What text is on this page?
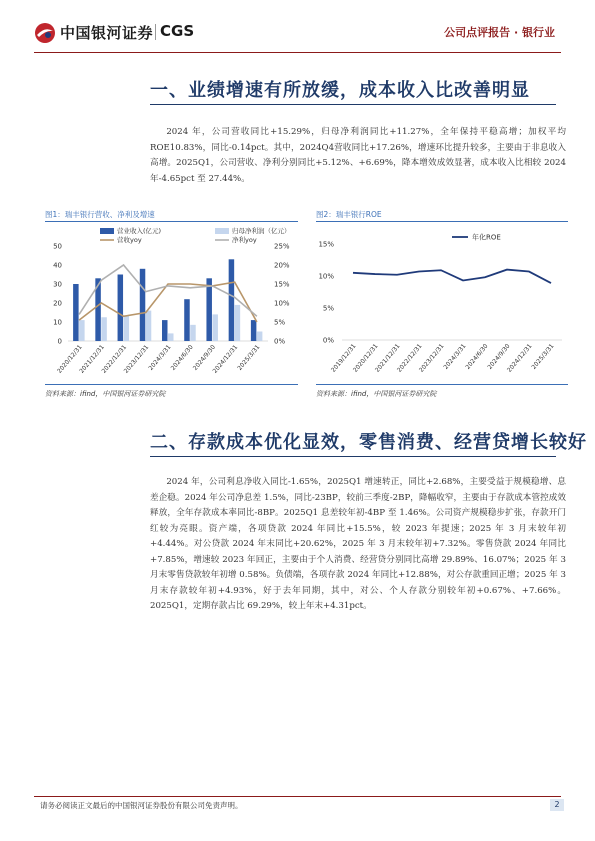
中国银河证券 CGS	公司点评报告 · 银行业
一、业绩增速有所放缓，成本收入比改善明显
2024 年，公司营收同比+15.29%，归母净利润同比+11.27%，全年保持平稳高增；加权平均 ROE10.83%，同比-0.14pct。其中，2024Q4营收同比+17.26%，增速环比提升较多，主要由于非息收入高增。2025Q1，公司营收、净利分别同比+5.12%、+6.69%，降本增效成效显著，成本收入比相较 2024 年-4.65pct 至 27.44%。
图1：瑞丰银行营收、净利及增速
0
10
20
30
40
50
0%
5%
10%
15%
20%
25%
2020/12/31
2021/12/31
2022/12/31
2023/12/31
2024/3/31
2024/6/30
2024/9/30
2024/12/31
2025/3/31
营业收入(亿元)	归母净利润（亿元）
营收yoy	净利yoy
资料来源：ifind，中国银河证券研究院
图2：瑞丰银行ROE
0%
5%
10%
15%
2019/12/31
2020/12/31
2021/12/31
2022/12/31
2023/12/31
2024/3/31
2024/6/30
2024/9/30
2024/12/31
2025/3/31
年化ROE
资料来源：ifind，中国银河证券研究院
二、存款成本优化显效，零售消费、经营贷增长较好
2024 年，公司利息净收入同比-1.65%，2025Q1 增速转正，同比+2.68%，主要受益于规模稳增、息差企稳。2024 年公司净息差 1.5%，同比-23BP，较前三季度-2BP，降幅收窄，主要由于存款成本管控成效释放，全年存款成本率同比-8BP。2025Q1 息差较年初-4BP 至 1.46%。公司资产规模稳步扩张，存款开门红较为亮眼。资产端，各项贷款 2024 年同比+15.5%，较 2023 年提速；2025 年 3 月末较年初+4.44%。对公贷款 2024 年末同比+20.62%，2025 年 3 月末较年初+7.32%。零售贷款 2024 年同比+7.85%，增速较 2023 年回正，主要由于个人消费、经营贷分别同比高增 29.89%、16.07%；2025 年 3 月末零售贷款较年初增 0.58%。负债端，各项存款 2024 年同比+12.88%，对公存款重回正增；2025 年 3 月末存款较年初+4.93%，好于去年同期，其中，对公、个人存款分别较年初+0.67%、+7.66%。2025Q1，定期存款占比 69.29%，较上年末+4.31pct。
请务必阅读正文最后的中国银河证券股份有限公司免责声明。	2
